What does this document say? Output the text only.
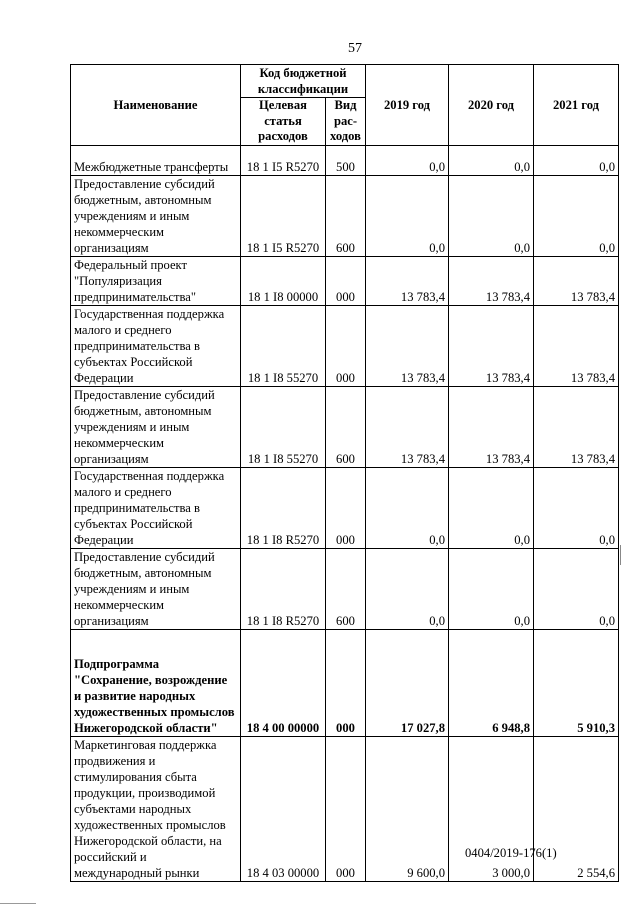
57
Наименование	Код бюджетной классификации		2019 год	2020 год	2021 год
	Целевая статья расходов	Вид рас-ходов			
Межбюджетные трансферты	18 1 I5 R5270	500	0,0	0,0	0,0
Предоставление субсидий бюджетным, автономным учреждениям и иным некоммерческим организациям	18 1 I5 R5270	600	0,0	0,0	0,0
Федеральный проект "Популяризация предпринимательства"	18 1 I8 00000	000	13 783,4	13 783,4	13 783,4
Государственная поддержка малого и среднего предпринимательства в субъектах Российской Федерации	18 1 I8 55270	000	13 783,4	13 783,4	13 783,4
Предоставление субсидий бюджетным, автономным учреждениям и иным некоммерческим организациям	18 1 I8 55270	600	13 783,4	13 783,4	13 783,4
Государственная поддержка малого и среднего предпринимательства в субъектах Российской Федерации	18 1 I8 R5270	000	0,0	0,0	0,0
Предоставление субсидий бюджетным, автономным учреждениям и иным некоммерческим организациям	18 1 I8 R5270	600	0,0	0,0	0,0
Подпрограмма "Сохранение, возрождение и развитие народных художественных промыслов Нижегородской области"	18 4 00 00000	000	17 027,8	6 948,8	5 910,3
Маркетинговая поддержка продвижения и стимулирования сбыта продукции, производимой субъектами народных художественных промыслов Нижегородской области, на российский и международный рынки	18 4 03 00000	000	9 600,0	3 000,0	2 554,6
0404/2019-176(1)
